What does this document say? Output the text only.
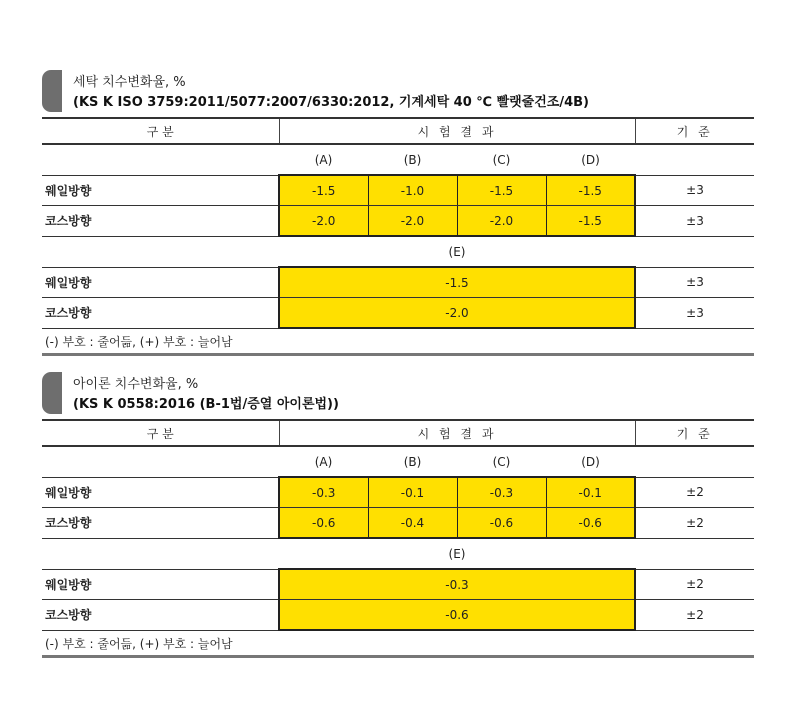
세탁 치수변화율, %
(KS K ISO 3759:2011/5077:2007/6330:2012, 기계세탁 40 ℃ 빨랫줄건조/4B)
구 분	시 험 결 과				기 준
	(A)	(B)	(C)	(D)	
웨일방향	-1.5	-1.0	-1.5	-1.5	±3
코스방향	-2.0	-2.0	-2.0	-1.5	±3
	(E)				
웨일방향	-1.5				±3
코스방향	-2.0				±3
(-) 부호 : 줄어듦, (+) 부호 : 늘어남					
아이론 치수변화율, %
(KS K 0558:2016 (B-1법/증열 아이론법))
구 분	시 험 결 과				기 준
	(A)	(B)	(C)	(D)	
웨일방향	-0.3	-0.1	-0.3	-0.1	±2
코스방향	-0.6	-0.4	-0.6	-0.6	±2
	(E)				
웨일방향	-0.3				±2
코스방향	-0.6				±2
(-) 부호 : 줄어듦, (+) 부호 : 늘어남					
